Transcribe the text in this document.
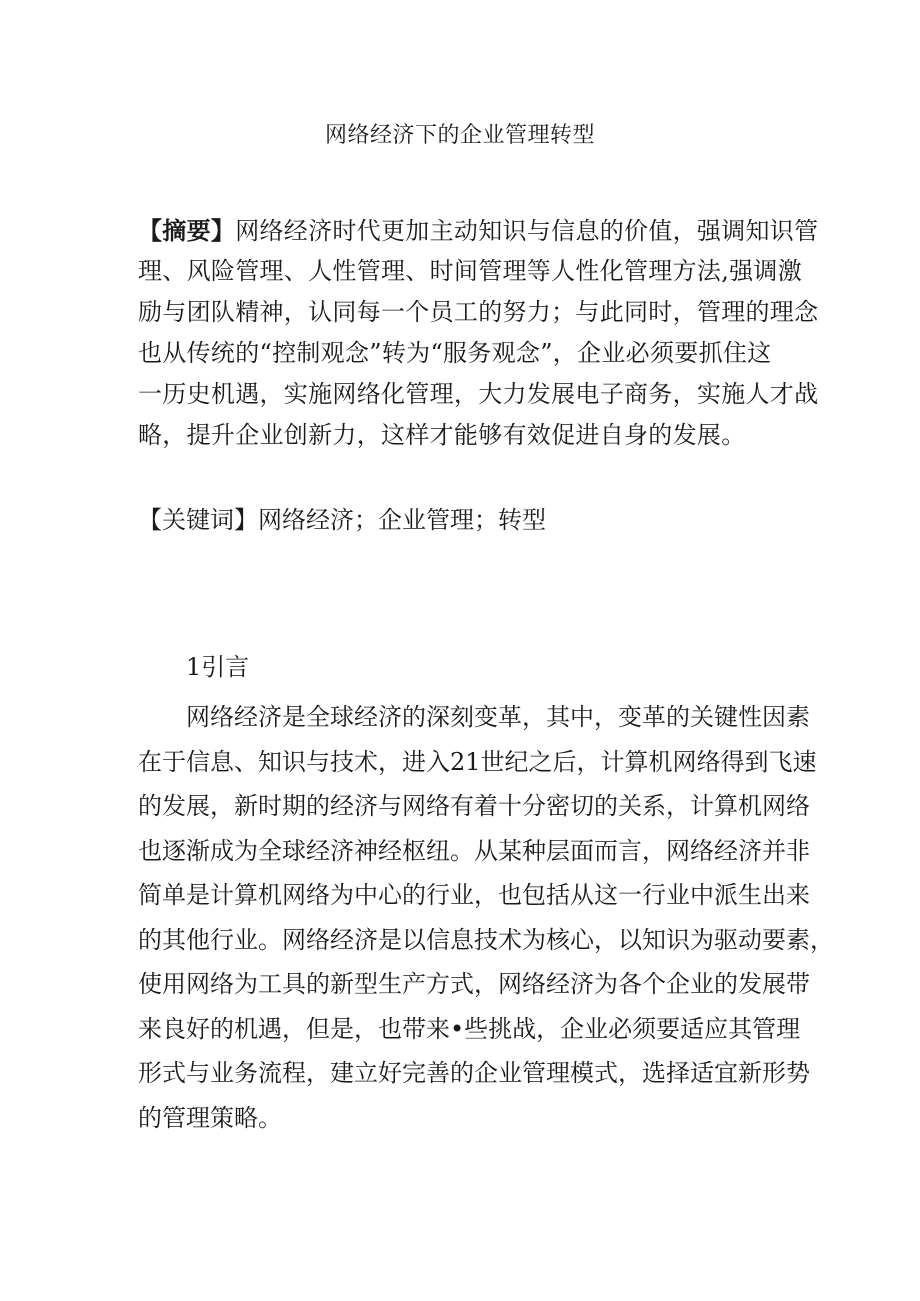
网络经济下的企业管理转型
【摘要】网络经济时代更加主动知识与信息的价值，强调知识管
理、风险管理、人性管理、时间管理等人性化管理方法,强调激
励与团队精神，认同每一个员工的努力；与此同时，管理的理念
也从传统的“控制观念”转为“服务观念”，企业必须要抓住这
一历史机遇，实施网络化管理，大力发展电子商务，实施人才战
略，提升企业创新力，这样才能够有效促进自身的发展。
【关键词】网络经济；企业管理；转型
1引言
网络经济是全球经济的深刻变革，其中，变革的关键性因素
在于信息、知识与技术，进入21世纪之后，计算机网络得到飞速
的发展，新时期的经济与网络有着十分密切的关系，计算机网络
也逐渐成为全球经济神经枢纽。从某种层面而言，网络经济并非
简单是计算机网络为中心的行业，也包括从这一行业中派生出来
的其他行业。网络经济是以信息技术为核心，以知识为驱动要素，
使用网络为工具的新型生产方式，网络经济为各个企业的发展带
来良好的机遇，但是，也带来•些挑战，企业必须要适应其管理
形式与业务流程，建立好完善的企业管理模式，选择适宜新形势
的管理策略。
